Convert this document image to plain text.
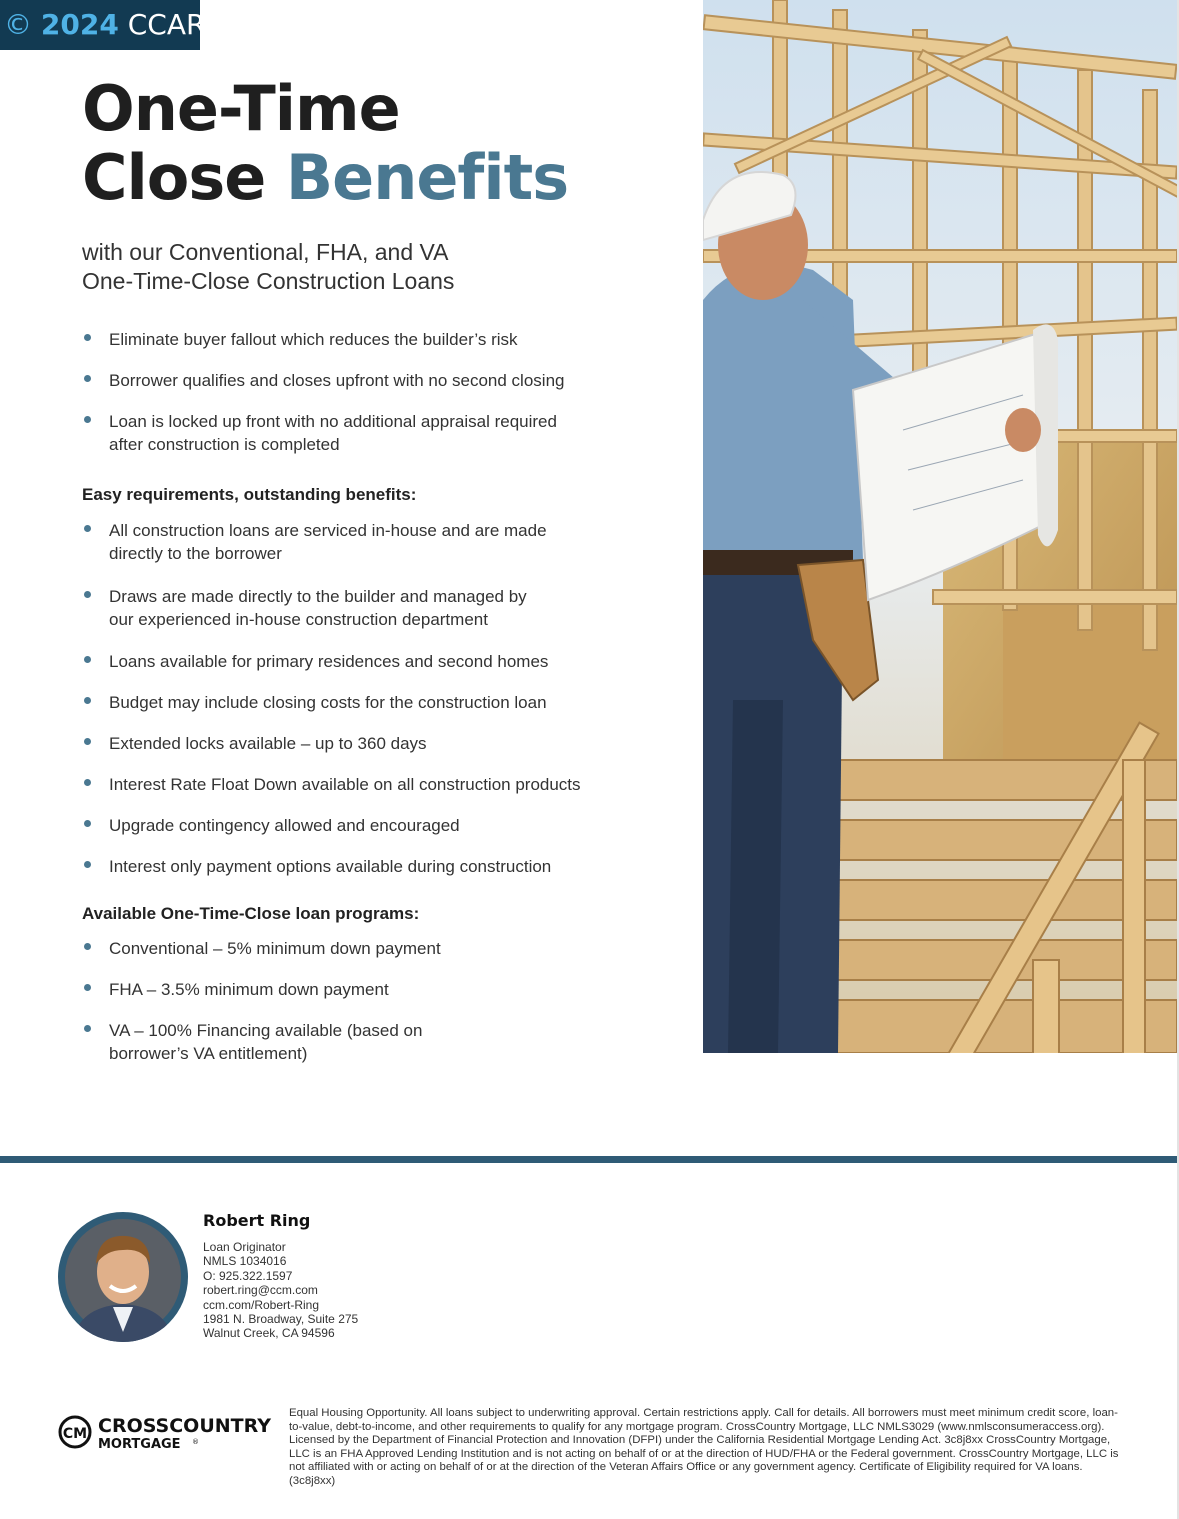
© 2024 CCAR
One-Time
Close Benefits
with our Conventional, FHA, and VA
One-Time-Close Construction Loans
Eliminate buyer fallout which reduces the builder’s risk
Borrower qualifies and closes upfront with no second closing
Loan is locked up front with no additional appraisal required
after construction is completed
Easy requirements, outstanding benefits:
All construction loans are serviced in-house and are made
directly to the borrower
Draws are made directly to the builder and managed by
our experienced in-house construction department
Loans available for primary residences and second homes
Budget may include closing costs for the construction loan
Extended locks available – up to 360 days
Interest Rate Float Down available on all construction products
Upgrade contingency allowed and encouraged
Interest only payment options available during construction
Available One-Time-Close loan programs:
Conventional – 5% minimum down payment
FHA – 3.5% minimum down payment
VA – 100% Financing available (based on
borrower’s VA entitlement)
Robert Ring
Loan Originator
NMLS 1034016
O: 925.322.1597
robert.ring@ccm.com
ccm.com/Robert-Ring
1981 N. Broadway, Suite 275
Walnut Creek, CA 94596
CM CROSSCOUNTRY
MORTGAGE ®
Equal Housing Opportunity. All loans subject to underwriting approval. Certain restrictions apply. Call for details. All borrowers must meet minimum credit score, loan-to-value, debt-to-income, and other requirements to qualify for any mortgage program. CrossCountry Mortgage, LLC NMLS3029 (www.nmlsconsumeraccess.org). Licensed by the Department of Financial Protection and Innovation (DFPI) under the California Residential Mortgage Lending Act. 3c8j8xx CrossCountry Mortgage, LLC is an FHA Approved Lending Institution and is not acting on behalf of or at the direction of HUD/FHA or the Federal government. CrossCountry Mortgage, LLC is not affiliated with or acting on behalf of or at the direction of the Veteran Affairs Office or any government agency. Certificate of Eligibility required for VA loans. (3c8j8xx)
